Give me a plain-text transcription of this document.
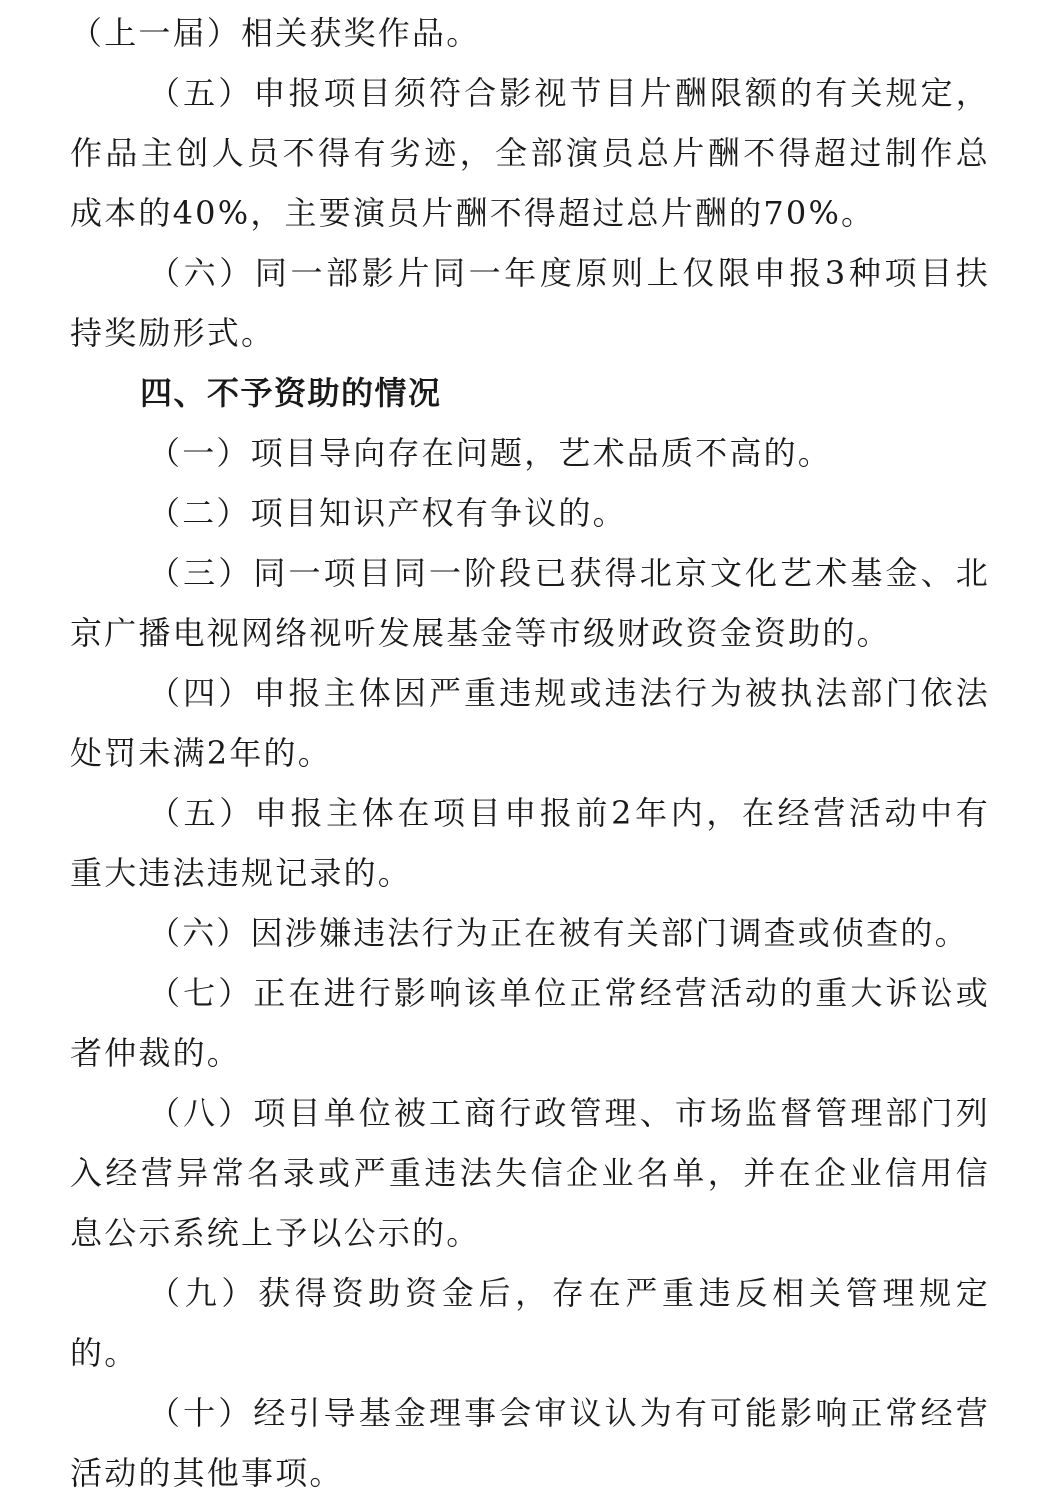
（上一届）相关获奖作品。

（五）申报项目须符合影视节目片酬限额的有关规定，作品主创人员不得有劣迹，全部演员总片酬不得超过制作总成本的40%，主要演员片酬不得超过总片酬的70%。

（六）同一部影片同一年度原则上仅限申报3种项目扶持奖励形式。

四、不予资助的情况

（一）项目导向存在问题，艺术品质不高的。

（二）项目知识产权有争议的。

（三）同一项目同一阶段已获得北京文化艺术基金、北京广播电视网络视听发展基金等市级财政资金资助的。

（四）申报主体因严重违规或违法行为被执法部门依法处罚未满2年的。

（五）申报主体在项目申报前2年内，在经营活动中有重大违法违规记录的。

（六）因涉嫌违法行为正在被有关部门调查或侦查的。

（七）正在进行影响该单位正常经营活动的重大诉讼或者仲裁的。

（八）项目单位被工商行政管理、市场监督管理部门列入经营异常名录或严重违法失信企业名单，并在企业信用信息公示系统上予以公示的。

（九）获得资助资金后，存在严重违反相关管理规定的。

（十）经引导基金理事会审议认为有可能影响正常经营活动的其他事项。
